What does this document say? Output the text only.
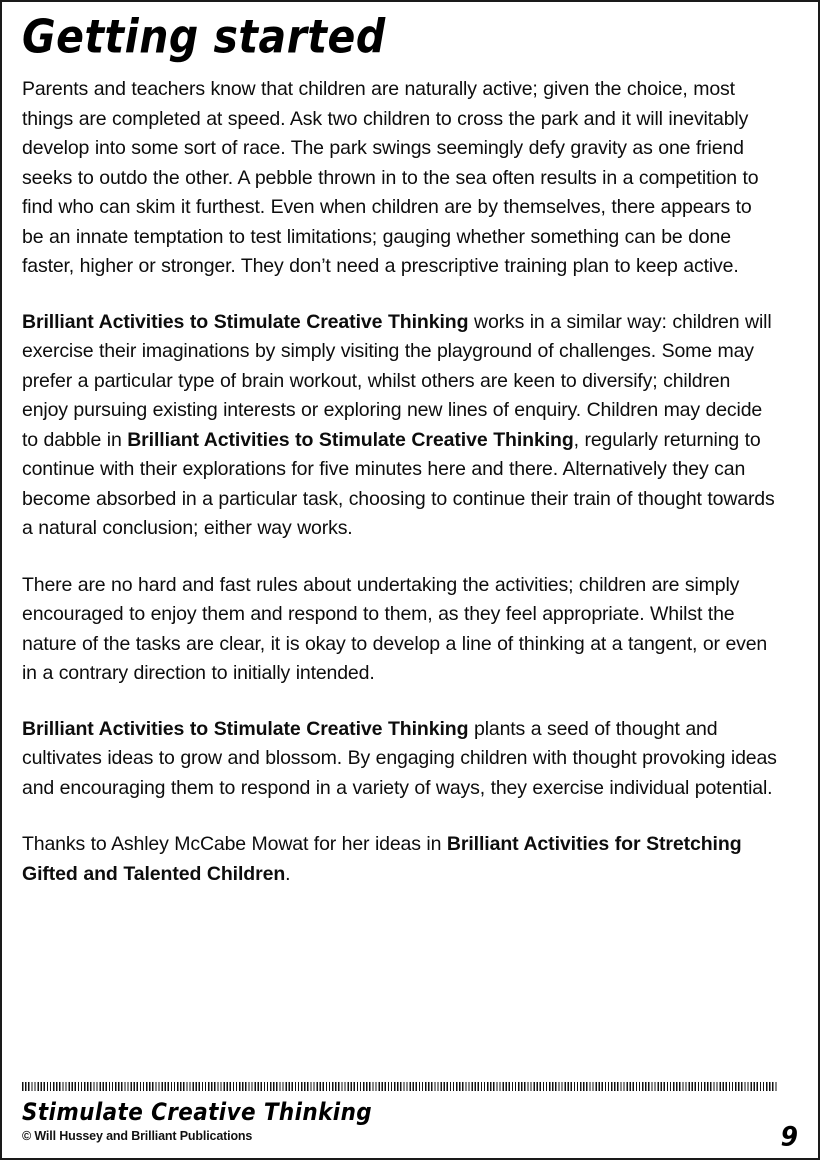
Getting started

Parents and teachers know that children are naturally active; given the choice, most things are completed at speed. Ask two children to cross the park and it will inevitably develop into some sort of race. The park swings seemingly defy gravity as one friend seeks to outdo the other. A pebble thrown in to the sea often results in a competition to find who can skim it furthest. Even when children are by themselves, there appears to be an innate temptation to test limitations; gauging whether something can be done faster, higher or stronger. They don’t need a prescriptive training plan to keep active.

Brilliant Activities to Stimulate Creative Thinking works in a similar way: children will exercise their imaginations by simply visiting the playground of challenges. Some may prefer a particular type of brain workout, whilst others are keen to diversify; children enjoy pursuing existing interests or exploring new lines of enquiry. Children may decide to dabble in Brilliant Activities to Stimulate Creative Thinking, regularly returning to continue with their explorations for five minutes here and there. Alternatively they can become absorbed in a particular task, choosing to continue their train of thought towards a natural conclusion; either way works.

There are no hard and fast rules about undertaking the activities; children are simply encouraged to enjoy them and respond to them, as they feel appropriate. Whilst the nature of the tasks are clear, it is okay to develop a line of thinking at a tangent, or even in a contrary direction to initially intended.

Brilliant Activities to Stimulate Creative Thinking plants a seed of thought and cultivates ideas to grow and blossom. By engaging children with thought provoking ideas and encouraging them to respond in a variety of ways, they exercise individual potential.

Thanks to Ashley McCabe Mowat for her ideas in Brilliant Activities for Stretching Gifted and Talented Children.

Stimulate Creative Thinking
© Will Hussey and Brilliant Publications	9
